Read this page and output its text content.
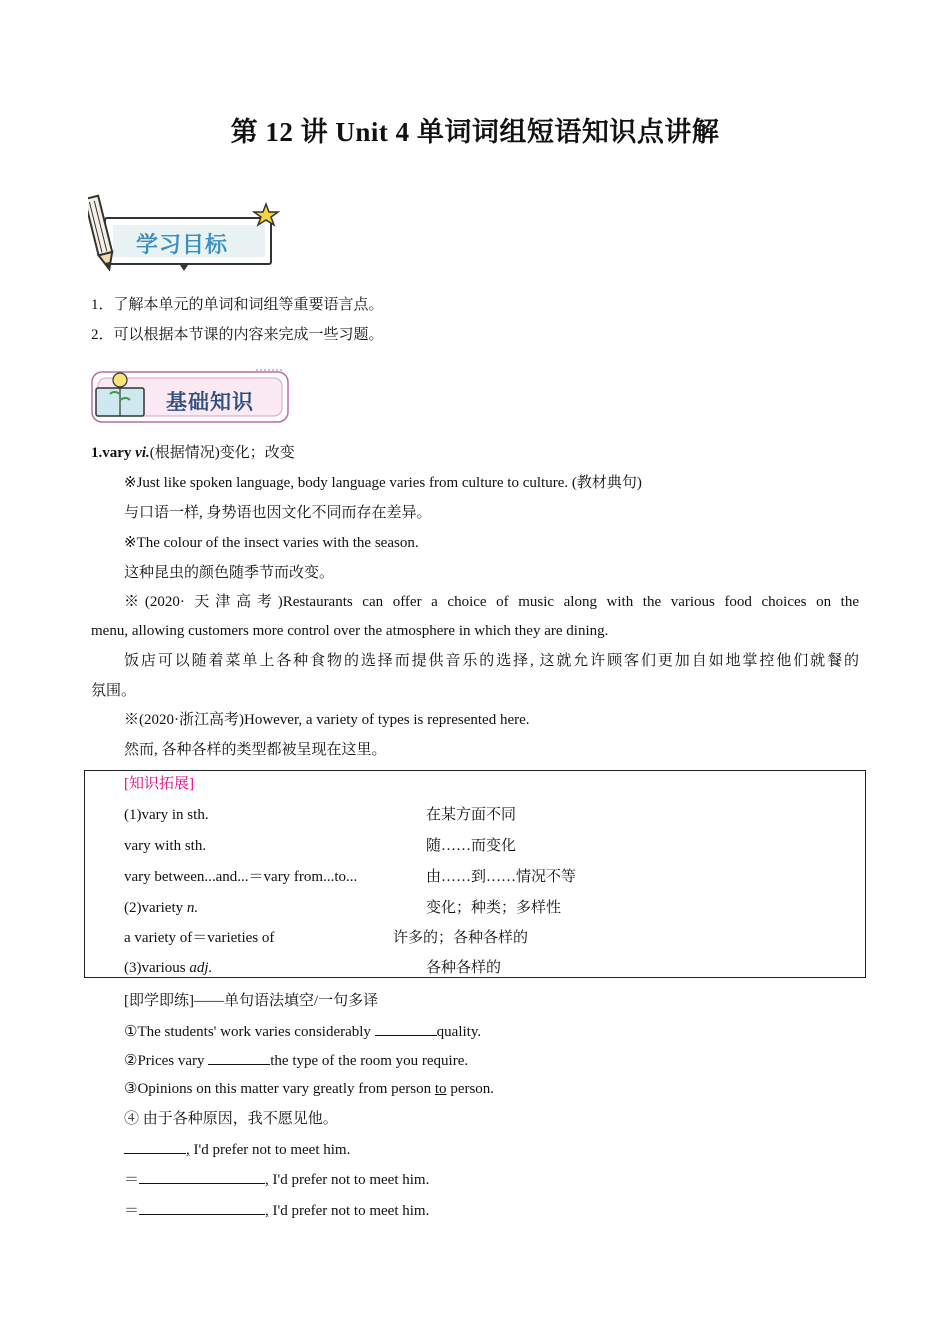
第 12 讲 Unit 4 单词词组短语知识点讲解
学习目标
1．了解本单元的单词和词组等重要语言点。
2．可以根据本节课的内容来完成一些习题。
基础知识
1.vary vi.(根据情况)变化；改变
※Just like spoken language, body language varies from culture to culture. (教材典句)
与口语一样, 身势语也因文化不同而存在差异。
※The colour of the insect varies with the season.
这种昆虫的颜色随季节而改变。
※(2020· 天津高考)Restaurants can offer a choice of music along with the various food choices on the
menu, allowing customers more control over the atmosphere in which they are dining.
饭店可以随着菜单上各种食物的选择而提供音乐的选择, 这就允许顾客们更加自如地掌控他们就餐的
氛围。
※(2020·浙江高考)However, a variety of types is represented here.
然而, 各种各样的类型都被呈现在这里。
[知识拓展]
(1)vary in sth.	在某方面不同
vary with sth.	随……而变化
vary between...and...＝vary from...to...	由……到……情况不等
(2)variety n.	变化；种类；多样性
a variety of＝varieties of	许多的；各种各样的
(3)various adj.	各种各样的
[即学即练]——单句语法填空/一句多译
①The students' work varies considerably	quality.
②Prices vary	the type of the room you require.
③Opinions on this matter vary greatly from person to person.
④ 由于各种原因，我不愿见他。
, I'd prefer not to meet him.
＝	, I'd prefer not to meet him.
＝	, I'd prefer not to meet him.
